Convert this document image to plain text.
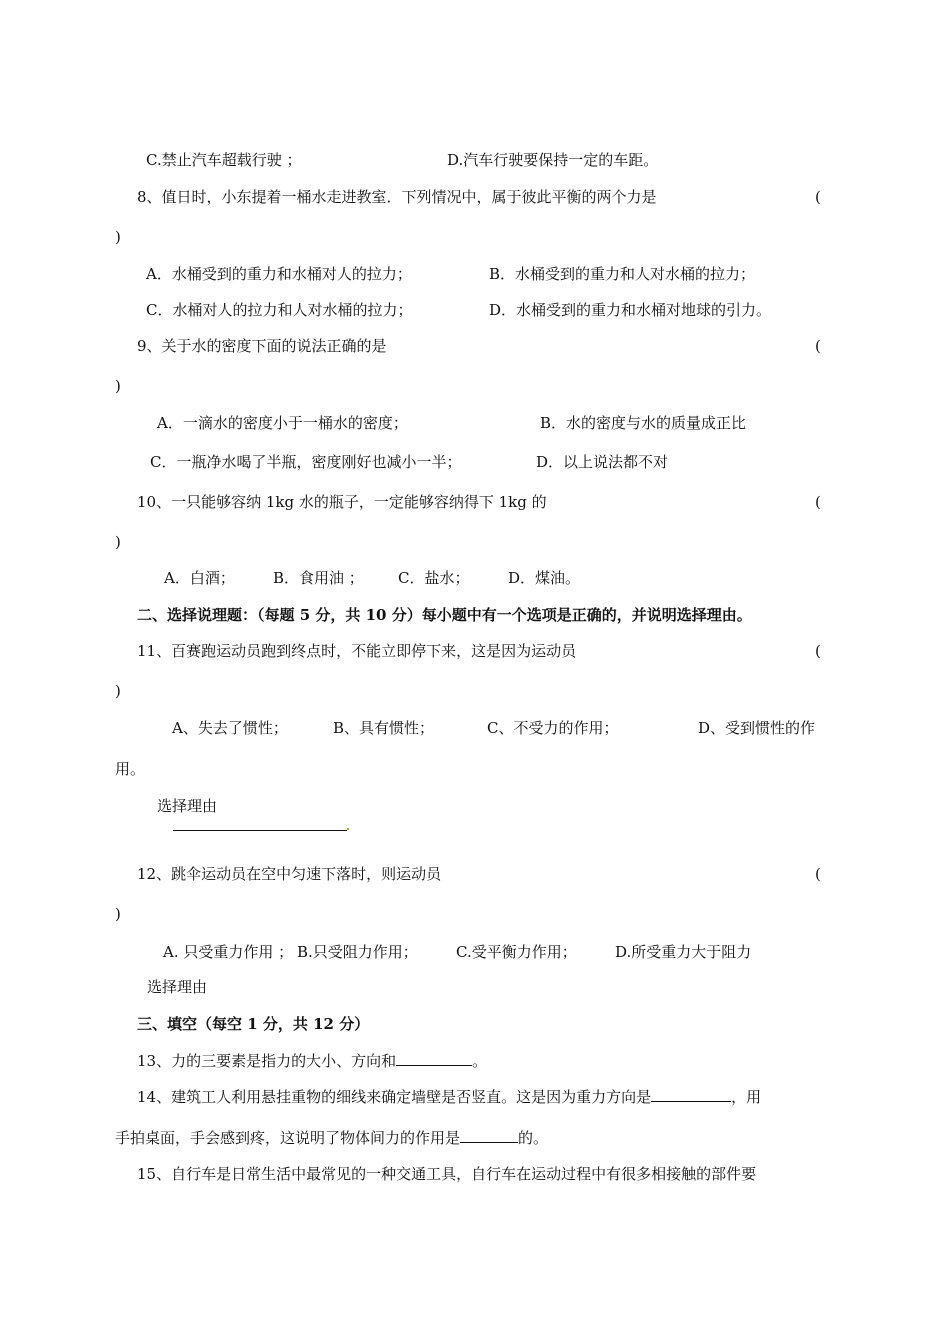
C.禁止汽车超载行驶 ；	D.汽车行驶要保持一定的车距。
8、值日时，小东提着一桶水走进教室．下列情况中，属于彼此平衡的两个力是	(
)
A．水桶受到的重力和水桶对人的拉力；	B．水桶受到的重力和人对水桶的拉力；
C．水桶对人的拉力和人对水桶的拉力；	D．水桶受到的重力和水桶对地球的引力。
9、关于水的密度下面的说法正确的是	(
)
A．一滴水的密度小于一桶水的密度；	B．水的密度与水的质量成正比
C．一瓶净水喝了半瓶，密度刚好也减小一半；	D．以上说法都不对
10、一只能够容纳 1kg 水的瓶子，一定能够容纳得下 1kg 的	(
)
A．白酒；	B．食用油 ； C．盐水；	D．煤油。
二、选择说理题：（每题 5 分，共 10 分）每小题中有一个选项是正确的，并说明选择理由。
11、百赛跑运动员跑到终点时，不能立即停下来，这是因为运动员	(
)
A、失去了惯性；	B、具有惯性；	C、不受力的作用；	D、受到惯性的作
用。
选择理由
12、跳伞运动员在空中匀速下落时，则运动员	(
)
A. 只受重力作用 ； B.只受阻力作用；	C.受平衡力作用；	D.所受重力大于阻力
选择理由
三、填空（每空 1 分，共 12 分）
13、力的三要素是指力的大小、方向和	。
14、建筑工人利用悬挂重物的细线来确定墙壁是否竖直。这是因为重力方向是	，用
手拍桌面，手会感到疼，这说明了物体间力的作用是	的。
15、自行车是日常生活中最常见的一种交通工具，自行车在运动过程中有很多相接触的部件要
